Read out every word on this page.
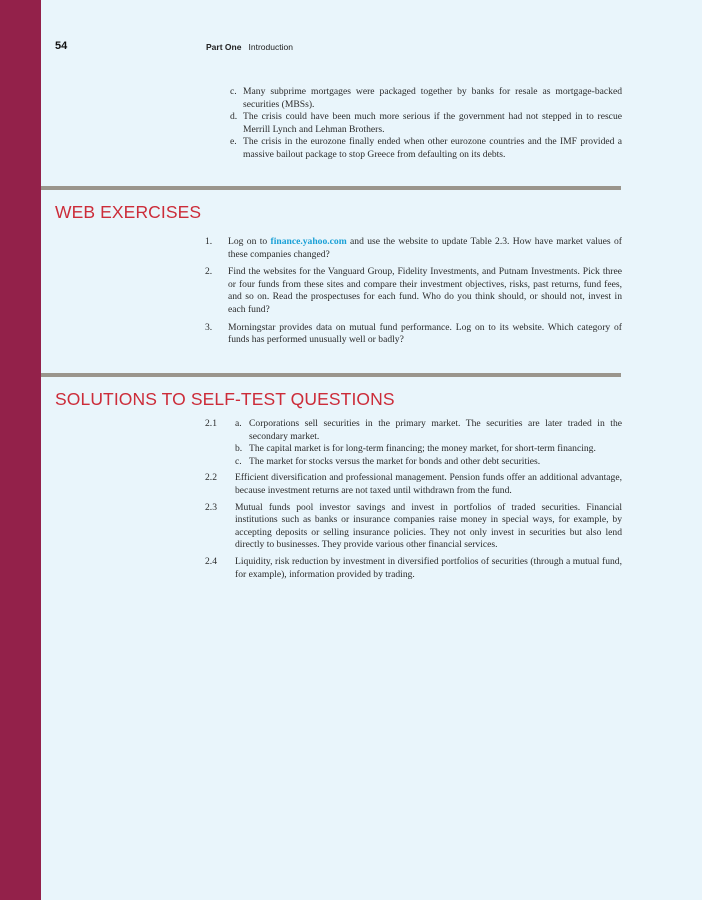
54	Part One Introduction
c. Many subprime mortgages were packaged together by banks for resale as mortgage-backed securities (MBSs).
d. The crisis could have been much more serious if the government had not stepped in to rescue Merrill Lynch and Lehman Brothers.
e. The crisis in the eurozone finally ended when other eurozone countries and the IMF provided a massive bailout package to stop Greece from defaulting on its debts.
WEB EXERCISES
1. Log on to finance.yahoo.com and use the website to update Table 2.3. How have market values of these companies changed?
2. Find the websites for the Vanguard Group, Fidelity Investments, and Putnam Investments. Pick three or four funds from these sites and compare their investment objectives, risks, past returns, fund fees, and so on. Read the prospectuses for each fund. Who do you think should, or should not, invest in each fund?
3. Morningstar provides data on mutual fund performance. Log on to its website. Which category of funds has performed unusually well or badly?
SOLUTIONS TO SELF-TEST QUESTIONS
2.1 a. Corporations sell securities in the primary market. The securities are later traded in the secondary market.
b. The capital market is for long-term financing; the money market, for short-term financing.
c. The market for stocks versus the market for bonds and other debt securities.
2.2 Efficient diversification and professional management. Pension funds offer an additional advantage, because investment returns are not taxed until withdrawn from the fund.
2.3 Mutual funds pool investor savings and invest in portfolios of traded securities. Financial institutions such as banks or insurance companies raise money in special ways, for example, by accepting deposits or selling insurance policies. They not only invest in securities but also lend directly to businesses. They provide various other financial services.
2.4 Liquidity, risk reduction by investment in diversified portfolios of securities (through a mutual fund, for example), information provided by trading.
